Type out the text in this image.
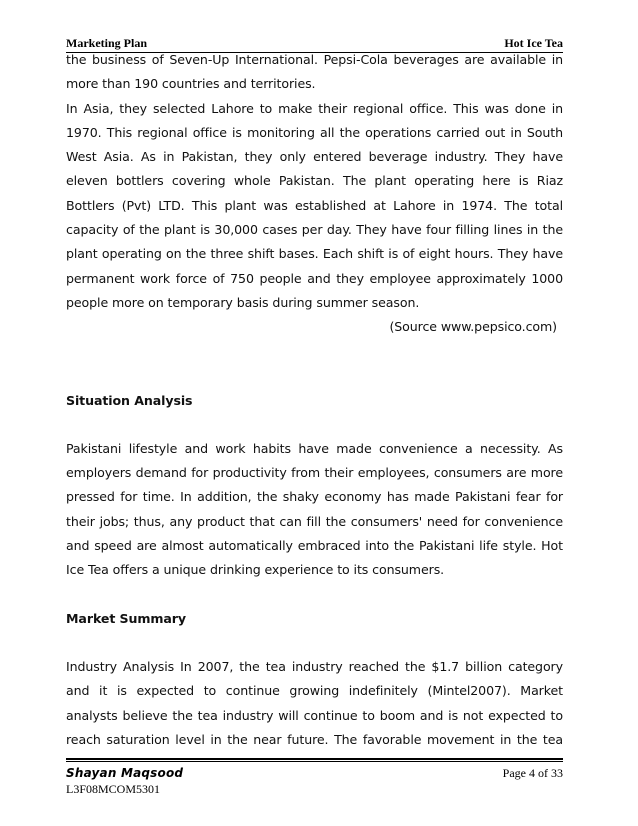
Marketing Plan	Hot Ice Tea

the business of Seven-Up International. Pepsi-Cola beverages are available in

more than 190 countries and territories.

In Asia, they selected Lahore to make their regional office. This was done in 1970. This regional office is monitoring all the operations carried out in South West Asia. As in Pakistan, they only entered beverage industry. They have eleven bottlers covering whole Pakistan. The plant operating here is Riaz Bottlers (Pvt) LTD. This plant was established at Lahore in 1974. The total capacity of the plant is 30,000 cases per day. They have four filling lines in the plant operating on the three shift bases. Each shift is of eight hours. They have permanent work force of 750 people and they employee approximately 1000 people more on temporary basis during summer season.

(Source www.pepsico.com)

Situation Analysis

Pakistani lifestyle and work habits have made convenience a necessity. As employers demand for productivity from their employees, consumers are more pressed for time. In addition, the shaky economy has made Pakistani fear for their jobs; thus, any product that can fill the consumers' need for convenience and speed are almost automatically embraced into the Pakistani life style. Hot Ice Tea offers a unique drinking experience to its consumers.

Market Summary

Industry Analysis In 2007, the tea industry reached the $1.7 billion category and it is expected to continue growing indefinitely (Mintel2007). Market analysts believe the tea industry will continue to boom and is not expected to reach saturation level in the near future. The favorable movement in the tea

Shayan Maqsood	Page 4 of 33
L3F08MCOM5301
